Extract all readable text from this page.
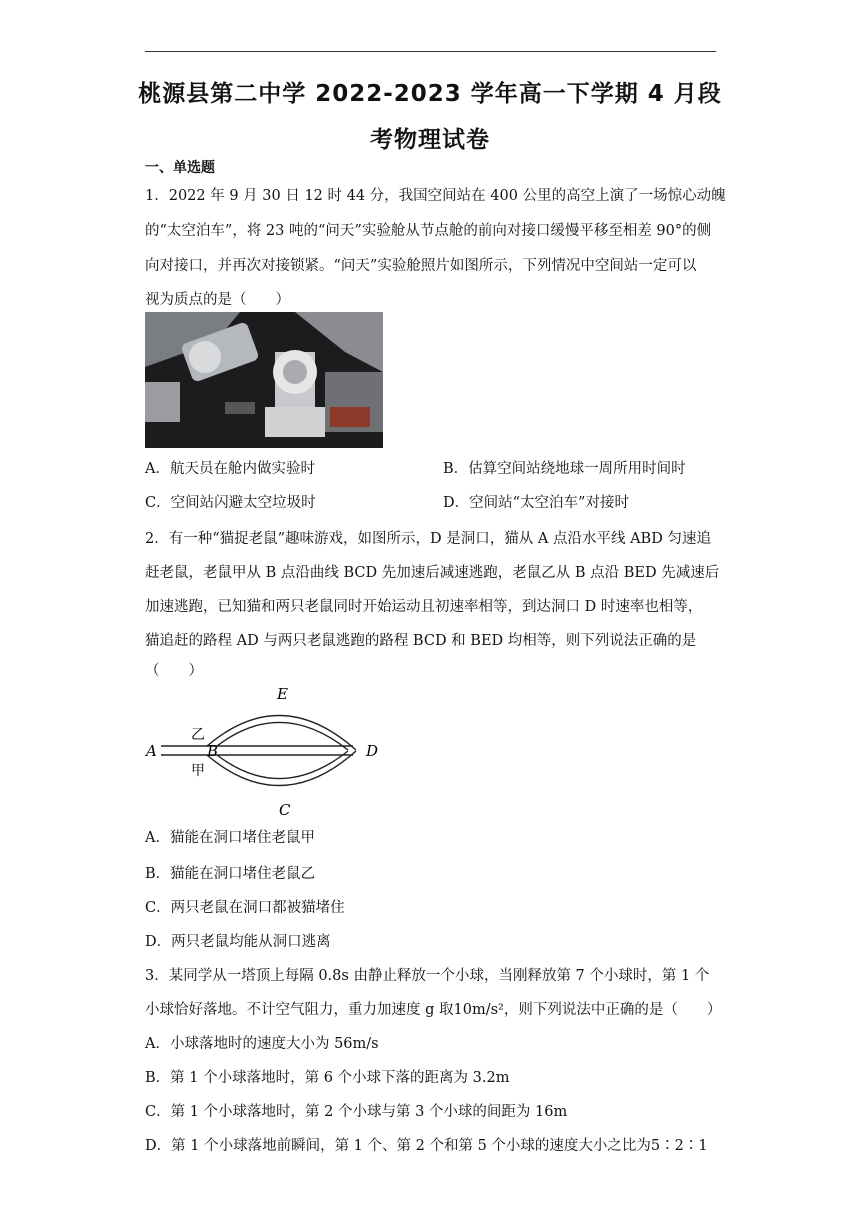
桃源县第二中学 2022-2023 学年高一下学期 4 月段
考物理试卷
一、单选题
1．2022 年 9 月 30 日 12 时 44 分，我国空间站在 400 公里的高空上演了一场惊心动魄
的“太空泊车”，将 23 吨的“问天”实验舱从节点舱的前向对接口缓慢平移至相差 90°的侧
向对接口，并再次对接锁紧。“问天”实验舱照片如图所示，下列情况中空间站一定可以
视为质点的是（　　）
A．航天员在舱内做实验时	B．估算空间站绕地球一周所用时间时
C．空间站闪避太空垃圾时	D．空间站“太空泊车”对接时
2．有一种“猫捉老鼠”趣味游戏，如图所示，D 是洞口，猫从 A 点沿水平线 ABD 匀速追
赶老鼠，老鼠甲从 B 点沿曲线 BCD 先加速后减速逃跑，老鼠乙从 B 点沿 BED 先减速后
加速逃跑，已知猫和两只老鼠同时开始运动且初速率相等，到达洞口 D 时速率也相等，
猫追赶的路程 AD 与两只老鼠逃跑的路程 BCD 和 BED 均相等，则下列说法正确的是
（　　）
A	B
C
D
E
乙
甲
A．猫能在洞口堵住老鼠甲
B．猫能在洞口堵住老鼠乙
C．两只老鼠在洞口都被猫堵住
D．两只老鼠均能从洞口逃离
3．某同学从一塔顶上每隔 0.8s 由静止释放一个小球，当刚释放第 7 个小球时，第 1 个
小球恰好落地。不计空气阻力，重力加速度 g 取10m/s²，则下列说法中正确的是（　　）
A．小球落地时的速度大小为 56m/s
B．第 1 个小球落地时，第 6 个小球下落的距离为 3.2m
C．第 1 个小球落地时，第 2 个小球与第 3 个小球的间距为 16m
D．第 1 个小球落地前瞬间，第 1 个、第 2 个和第 5 个小球的速度大小之比为5∶2∶1
